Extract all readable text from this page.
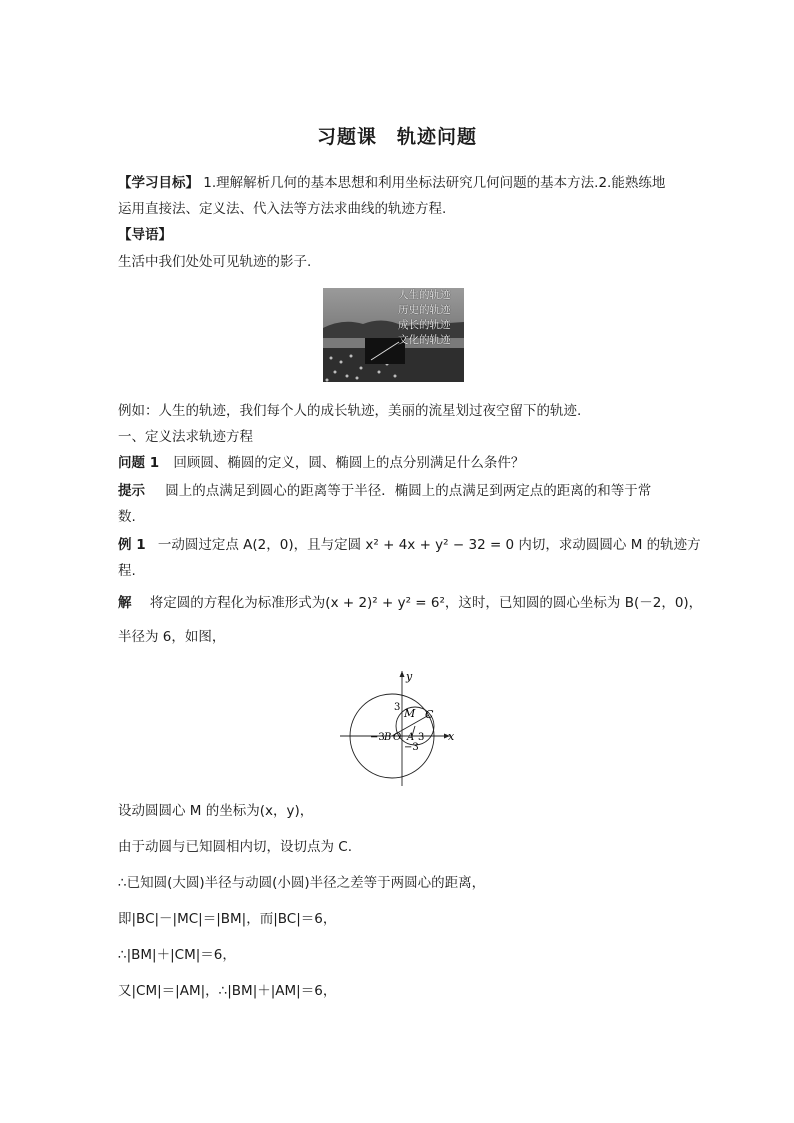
习题课　轨迹问题
【学习目标】 1.理解解析几何的基本思想和利用坐标法研究几何问题的基本方法.2.能熟练地
运用直接法、定义法、代入法等方法求曲线的轨迹方程.
【导语】
生活中我们处处可见轨迹的影子.
人生的轨迹
历史的轨迹
成长的轨迹
文化的轨迹
例如：人生的轨迹，我们每个人的成长轨迹，美丽的流星划过夜空留下的轨迹.
一、定义法求轨迹方程
问题 1 回顾圆、椭圆的定义，圆、椭圆上的点分别满足什么条件？
提示 圆上的点满足到圆心的距离等于半径．椭圆上的点满足到两定点的距离的和等于常
数.
例 1 一动圆过定点 A(2，0)，且与定圆 x² + 4x + y² − 32 = 0 内切，求动圆圆心 M 的轨迹方
程.
解 将定圆的方程化为标准形式为(x + 2)² + y² = 6²，这时，已知圆的圆心坐标为 B(－2，0)，
半径为 6，如图，
y
x
M C
3
−3 B O A 3
−3
设动圆圆心 M 的坐标为(x，y)，
由于动圆与已知圆相内切，设切点为 C.
∴已知圆(大圆)半径与动圆(小圆)半径之差等于两圆心的距离，
即|BC|－|MC|＝|BM|，而|BC|＝6，
∴|BM|＋|CM|＝6，
又|CM|＝|AM|，∴|BM|＋|AM|＝6，
